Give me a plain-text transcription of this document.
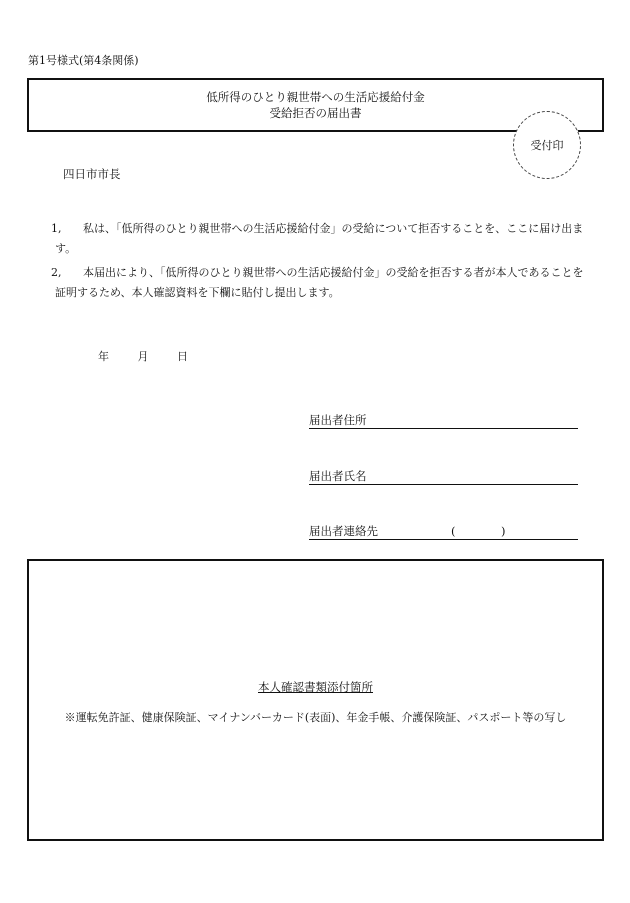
第1号様式(第4条関係)
低所得のひとり親世帯への生活応援給付金
受給拒否の届出書
受付印
四日市市長
1,	私は、「低所得のひとり親世帯への生活応援給付金」の受給について拒否することを、ここに届け出ます。
2,	本届出により、「低所得のひとり親世帯への生活応援給付金」の受給を拒否する者が本人であることを証明するため、本人確認資料を下欄に貼付し提出します。
年	月	日
届出者住所
届出者氏名
届出者連絡先	(	)
本人確認書類添付箇所
※運転免許証、健康保険証、マイナンバーカード(表面)、年金手帳、介護保険証、パスポート等の写し
